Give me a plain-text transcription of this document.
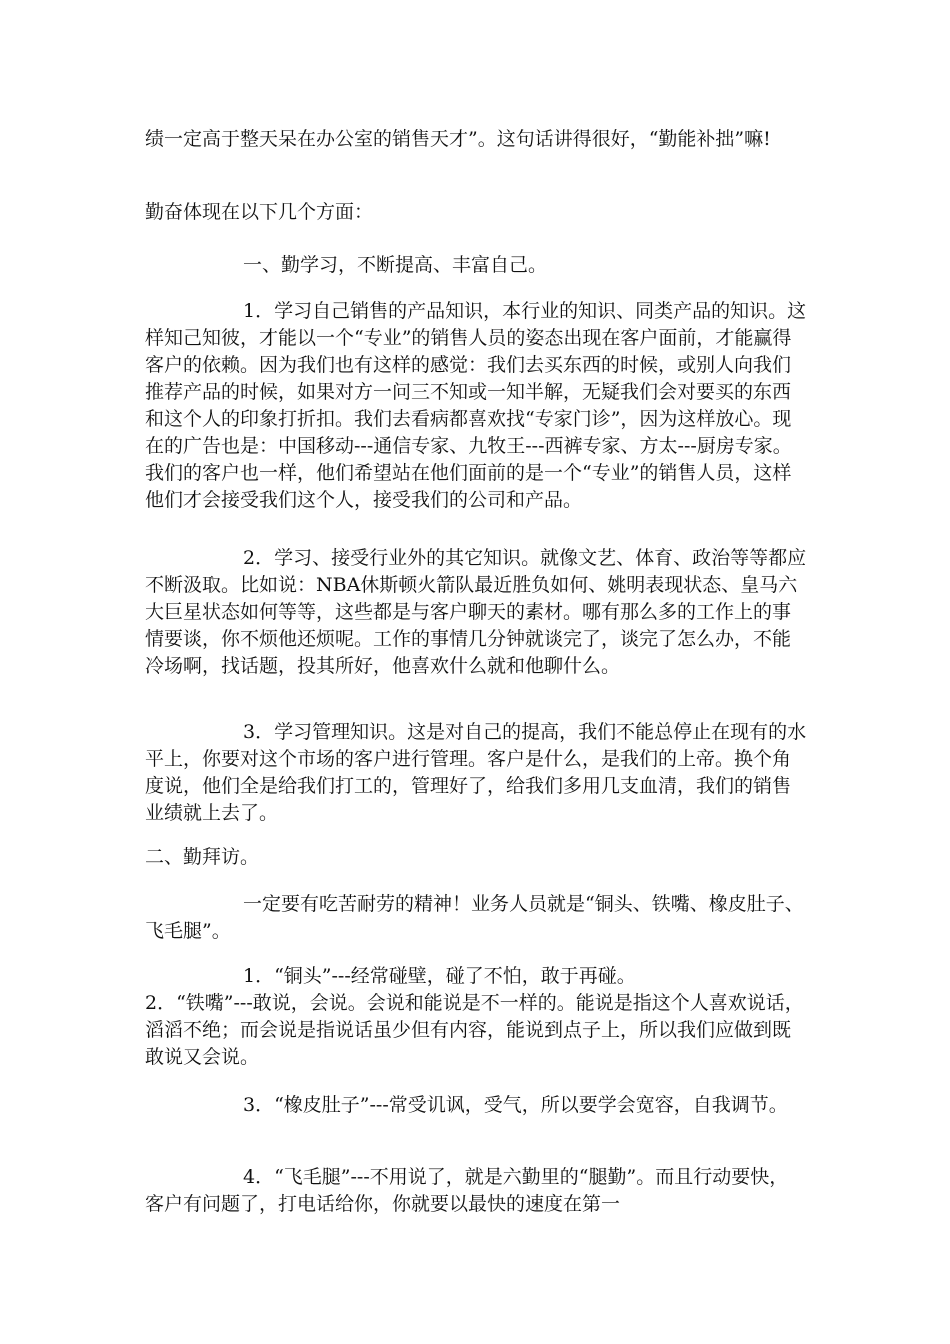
绩一定高于整天呆在办公室的销售天才”。这句话讲得很好，“勤能补拙”嘛!

勤奋体现在以下几个方面：

一、勤学习，不断提高、丰富自己。

1．学习自己销售的产品知识，本行业的知识、同类产品的知识。这样知己知彼，才能以一个“专业”的销售人员的姿态出现在客户面前，才能赢得客户的依赖。因为我们也有这样的感觉：我们去买东西的时候，或别人向我们推荐产品的时候，如果对方一问三不知或一知半解，无疑我们会对要买的东西和这个人的印象打折扣。我们去看病都喜欢找“专家门诊”，因为这样放心。现在的广告也是：中国移动---通信专家、九牧王---西裤专家、方太---厨房专家。我们的客户也一样，他们希望站在他们面前的是一个“专业”的销售人员，这样他们才会接受我们这个人，接受我们的公司和产品。

2．学习、接受行业外的其它知识。就像文艺、体育、政治等等都应不断汲取。比如说：NBA休斯顿火箭队最近胜负如何、姚明表现状态、皇马六大巨星状态如何等等，这些都是与客户聊天的素材。哪有那么多的工作上的事情要谈，你不烦他还烦呢。工作的事情几分钟就谈完了，谈完了怎么办，不能冷场啊，找话题，投其所好，他喜欢什么就和他聊什么。

3．学习管理知识。这是对自己的提高，我们不能总停止在现有的水平上，你要对这个市场的客户进行管理。客户是什么，是我们的上帝。换个角度说，他们全是给我们打工的，管理好了，给我们多用几支血清，我们的销售业绩就上去了。

二、勤拜访。

一定要有吃苦耐劳的精神！业务人员就是“铜头、铁嘴、橡皮肚子、飞毛腿”。

1．“铜头”---经常碰壁，碰了不怕，敢于再碰。

2．“铁嘴”---敢说，会说。会说和能说是不一样的。能说是指这个人喜欢说话，滔滔不绝；而会说是指说话虽少但有内容，能说到点子上，所以我们应做到既敢说又会说。

3．“橡皮肚子”---常受讥讽，受气，所以要学会宽容，自我调节。

4．“飞毛腿”---不用说了，就是六勤里的“腿勤”。而且行动要快，客户有问题了，打电话给你，你就要以最快的速度在第一
